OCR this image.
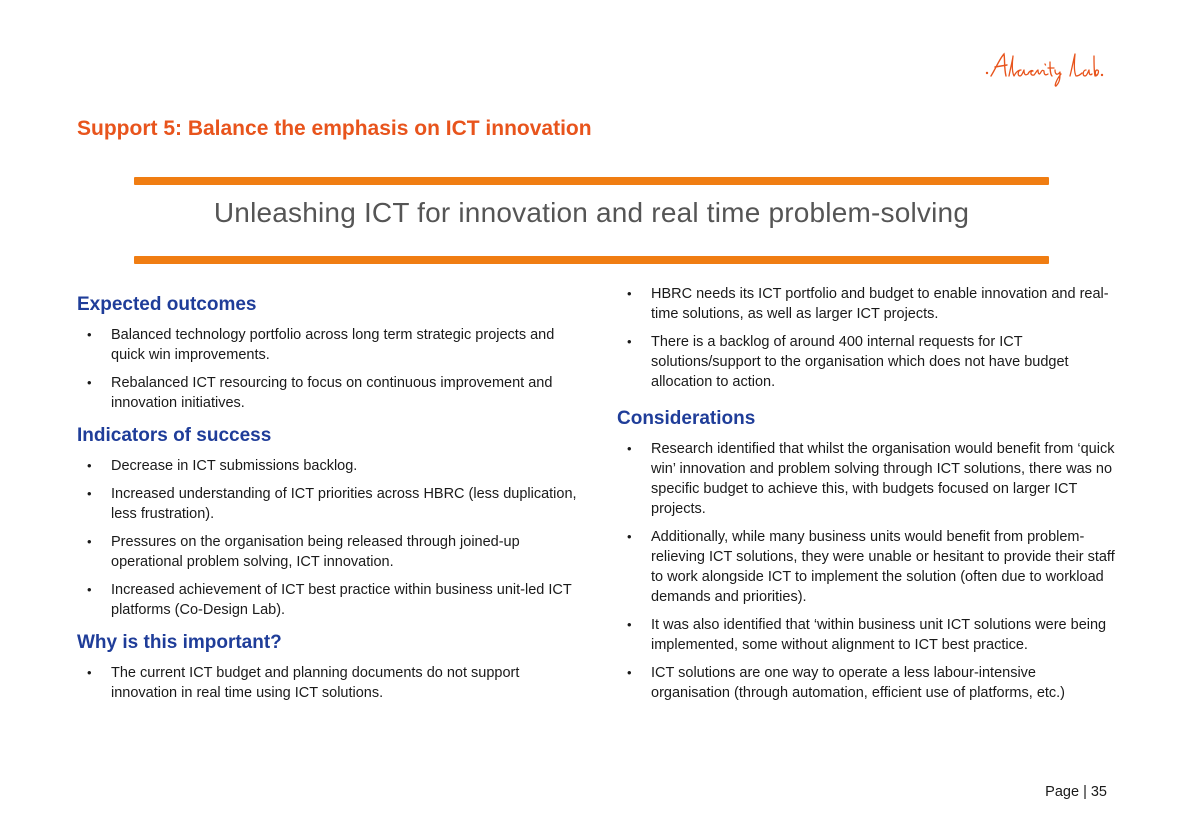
Support 5: Balance the emphasis on ICT innovation

Unleashing ICT for innovation and real time problem-solving

Expected outcomes
• Balanced technology portfolio across long term strategic projects and quick win improvements.
• Rebalanced ICT resourcing to focus on continuous improvement and innovation initiatives.
Indicators of success
• Decrease in ICT submissions backlog.
• Increased understanding of ICT priorities across HBRC (less duplication, less frustration).
• Pressures on the organisation being released through joined-up operational problem solving, ICT innovation.
• Increased achievement of ICT best practice within business unit-led ICT platforms (Co-Design Lab).
Why is this important?
• The current ICT budget and planning documents do not support innovation in real time using ICT solutions.
• HBRC needs its ICT portfolio and budget to enable innovation and real-time solutions, as well as larger ICT projects.
• There is a backlog of around 400 internal requests for ICT solutions/support to the organisation which does not have budget allocation to action.
Considerations
• Research identified that whilst the organisation would benefit from ‘quick win’ innovation and problem solving through ICT solutions, there was no specific budget to achieve this, with budgets focused on larger ICT projects.
• Additionally, while many business units would benefit from problem-relieving ICT solutions, they were unable or hesitant to provide their staff to work alongside ICT to implement the solution (often due to workload demands and priorities).
• It was also identified that ‘within business unit ICT solutions were being implemented, some without alignment to ICT best practice.
• ICT solutions are one way to operate a less labour-intensive organisation (through automation, efficient use of platforms, etc.)
Page | 35
